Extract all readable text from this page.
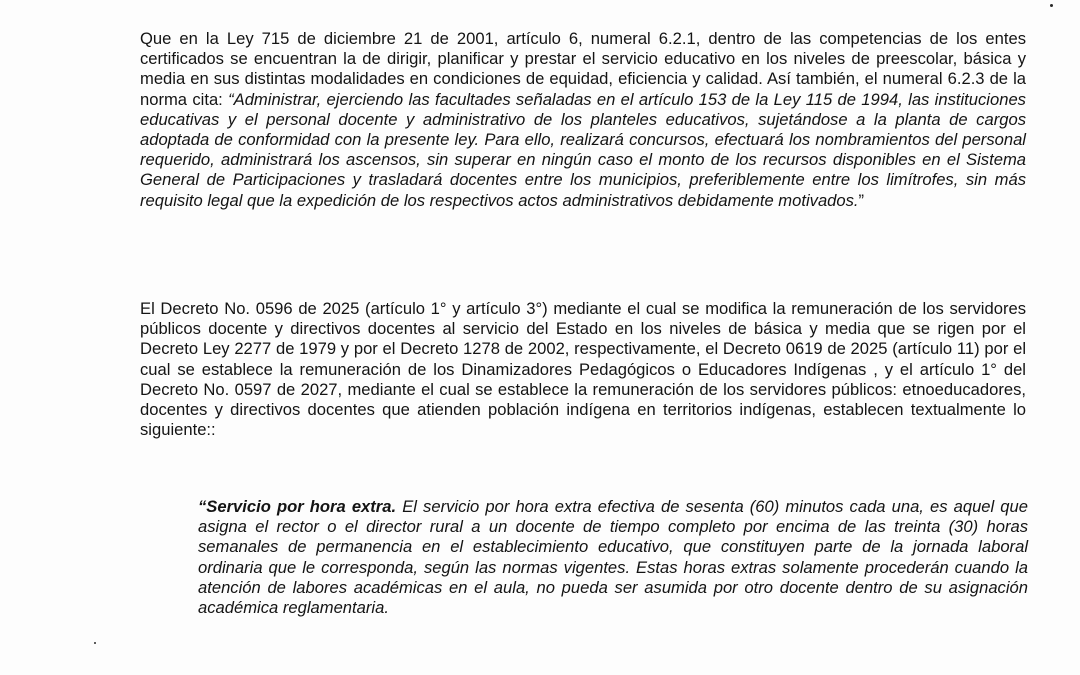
Que en la Ley 715 de diciembre 21 de 2001, artículo 6, numeral 6.2.1, dentro de las competencias de los entes certificados se encuentran la de dirigir, planificar y prestar el servicio educativo en los niveles de preescolar, básica y media en sus distintas modalidades en condiciones de equidad, eficiencia y calidad. Así también, el numeral 6.2.3 de la norma cita: “Administrar, ejerciendo las facultades señaladas en el artículo 153 de la Ley 115 de 1994, las instituciones educativas y el personal docente y administrativo de los planteles educativos, sujetándose a la planta de cargos adoptada de conformidad con la presente ley. Para ello, realizará concursos, efectuará los nombramientos del personal requerido, administrará los ascensos, sin superar en ningún caso el monto de los recursos disponibles en el Sistema General de Participaciones y trasladará docentes entre los municipios, preferiblemente entre los limítrofes, sin más requisito legal que la expedición de los respectivos actos administrativos debidamente motivados.”

El Decreto No. 0596 de 2025 (artículo 1° y artículo 3°) mediante el cual se modifica la remuneración de los servidores públicos docente y directivos docentes al servicio del Estado en los niveles de básica y media que se rigen por el Decreto Ley 2277 de 1979 y por el Decreto 1278 de 2002, respectivamente, el Decreto 0619 de 2025 (artículo 11) por el cual se establece la remuneración de los Dinamizadores Pedagógicos o Educadores Indígenas , y el artículo 1° del Decreto No. 0597 de 2027, mediante el cual se establece la remuneración de los servidores públicos: etnoeducadores, docentes y directivos docentes que atienden población indígena en territorios indígenas, establecen textualmente lo siguiente::

“Servicio por hora extra. El servicio por hora extra efectiva de sesenta (60) minutos cada una, es aquel que asigna el rector o el director rural a un docente de tiempo completo por encima de las treinta (30) horas semanales de permanencia en el establecimiento educativo, que constituyen parte de la jornada laboral ordinaria que le corresponda, según las normas vigentes. Estas horas extras solamente procederán cuando la atención de labores académicas en el aula, no pueda ser asumida por otro docente dentro de su asignación académica reglamentaria.
